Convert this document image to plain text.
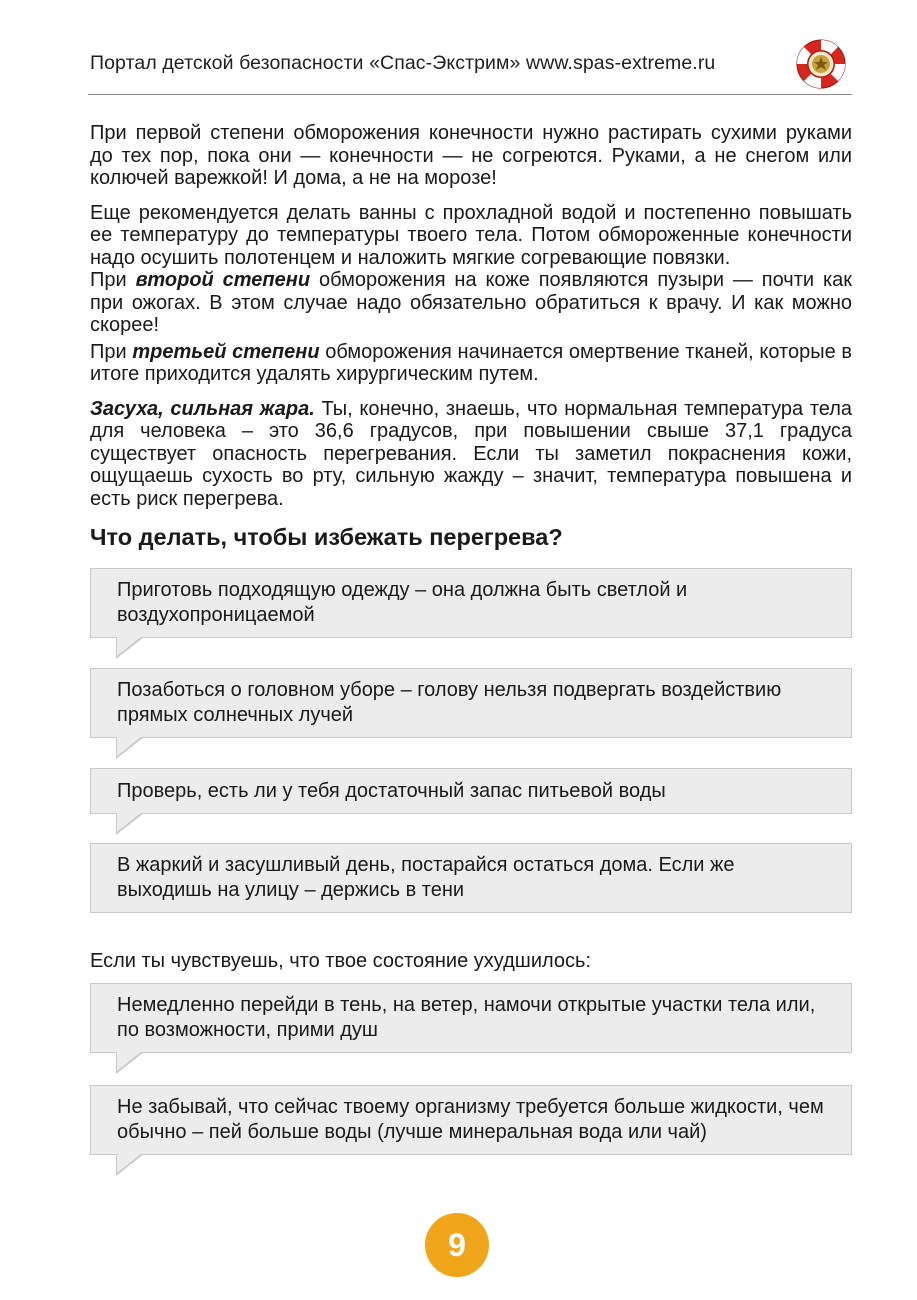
Портал детской безопасности «Спас-Экстрим» www.spas-extreme.ru

При первой степени обморожения конечности нужно растирать сухими руками до тех пор, пока они — конечности — не согреются. Руками, а не снегом или колючей варежкой! И дома, а не на морозе!

Еще рекомендуется делать ванны с прохладной водой и постепенно повышать ее температуру до температуры твоего тела. Потом обмороженные конечности надо осушить полотенцем и наложить мягкие согревающие повязки.

При второй степени обморожения на коже появляются пузыри — почти как при ожогах. В этом случае надо обязательно обратиться к врачу. И как можно скорее!

При третьей степени обморожения начинается омертвение тканей, которые в итоге приходится удалять хирургическим путем.

Засуха, сильная жара. Ты, конечно, знаешь, что нормальная температура тела для человека – это 36,6 градусов, при повышении свыше 37,1 градуса существует опасность перегревания. Если ты заметил покраснения кожи, ощущаешь сухость во рту, сильную жажду – значит, температура повышена и есть риск перегрева.

Что делать, чтобы избежать перегрева?
Приготовь подходящую одежду – она должна быть светлой и воздухопроницаемой
Позаботься о головном уборе – голову нельзя подвергать воздействию прямых солнечных лучей
Проверь, есть ли у тебя достаточный запас питьевой воды
В жаркий и засушливый день, постарайся остаться дома. Если же выходишь на улицу – держись в тени
Если ты чувствуешь, что твое состояние ухудшилось:
Немедленно перейди в тень, на ветер, намочи открытые участки тела или, по возможности, прими душ
Не забывай, что сейчас твоему организму требуется больше жидкости, чем обычно – пей больше воды (лучше минеральная вода или чай)
9
